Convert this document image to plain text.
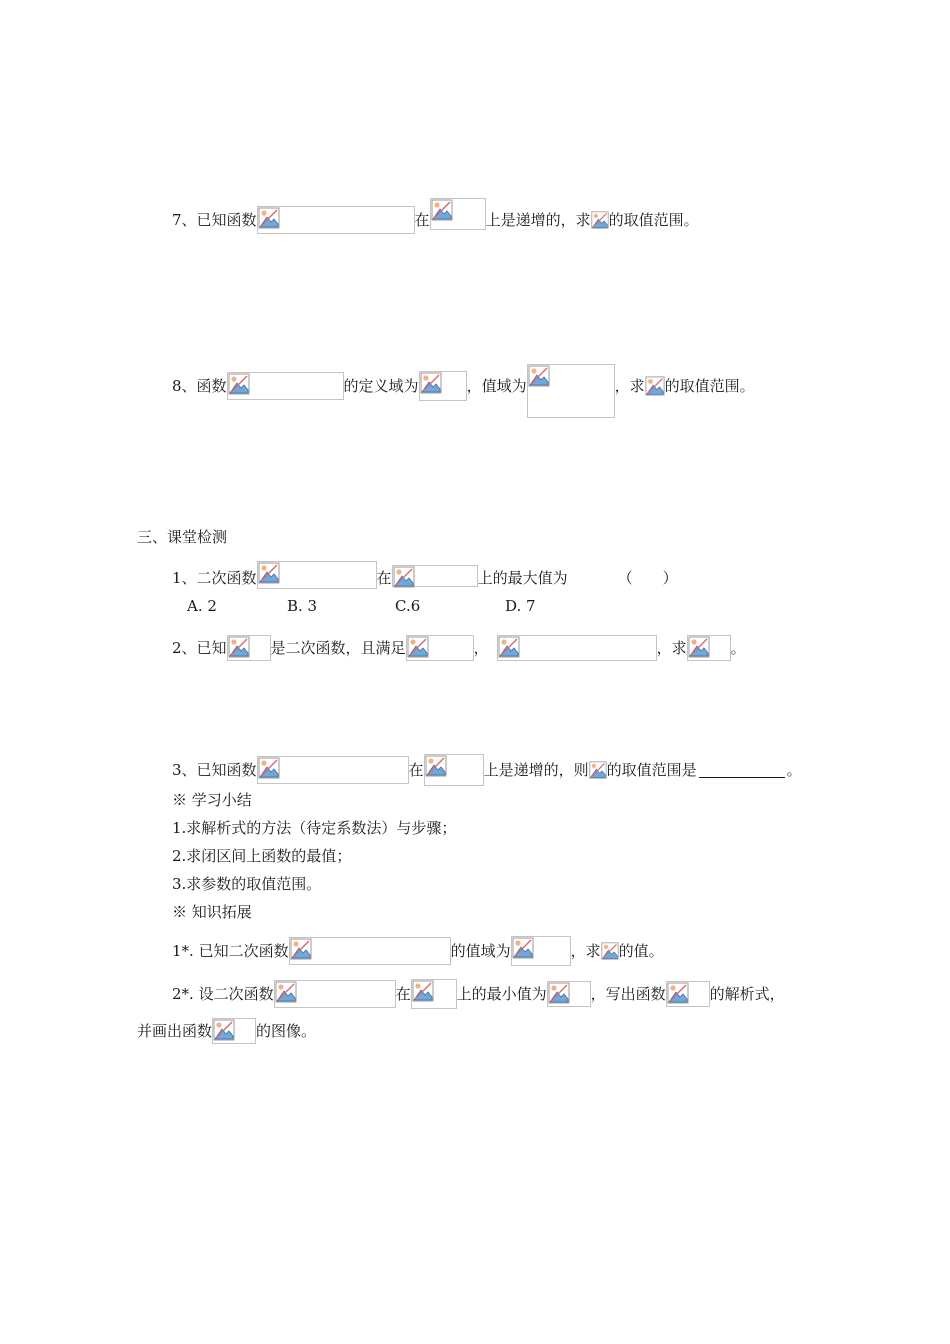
7、已知函数	在	上是递增的，求 的取值范围。
8、函数	的定义域为	，值域为	，求 的取值范围。
三、课堂检测
1、二次函数	在	上的最大值为	（　　）
A. 2	B. 3	C.6	D. 7
2、已知	是二次函数，且满足	，	，求	。
3、已知函数	在	上是递增的，则 的取值范围是	。
※ 学习小结
1.求解析式的方法（待定系数法）与步骤；
2.求闭区间上函数的最值；
3.求参数的取值范围。
※ 知识拓展
1*. 已知二次函数	的值域为	，求 的值。
2*. 设二次函数	在	上的最小值为	，写出函数	的解析式，
并画出函数	的图像。
